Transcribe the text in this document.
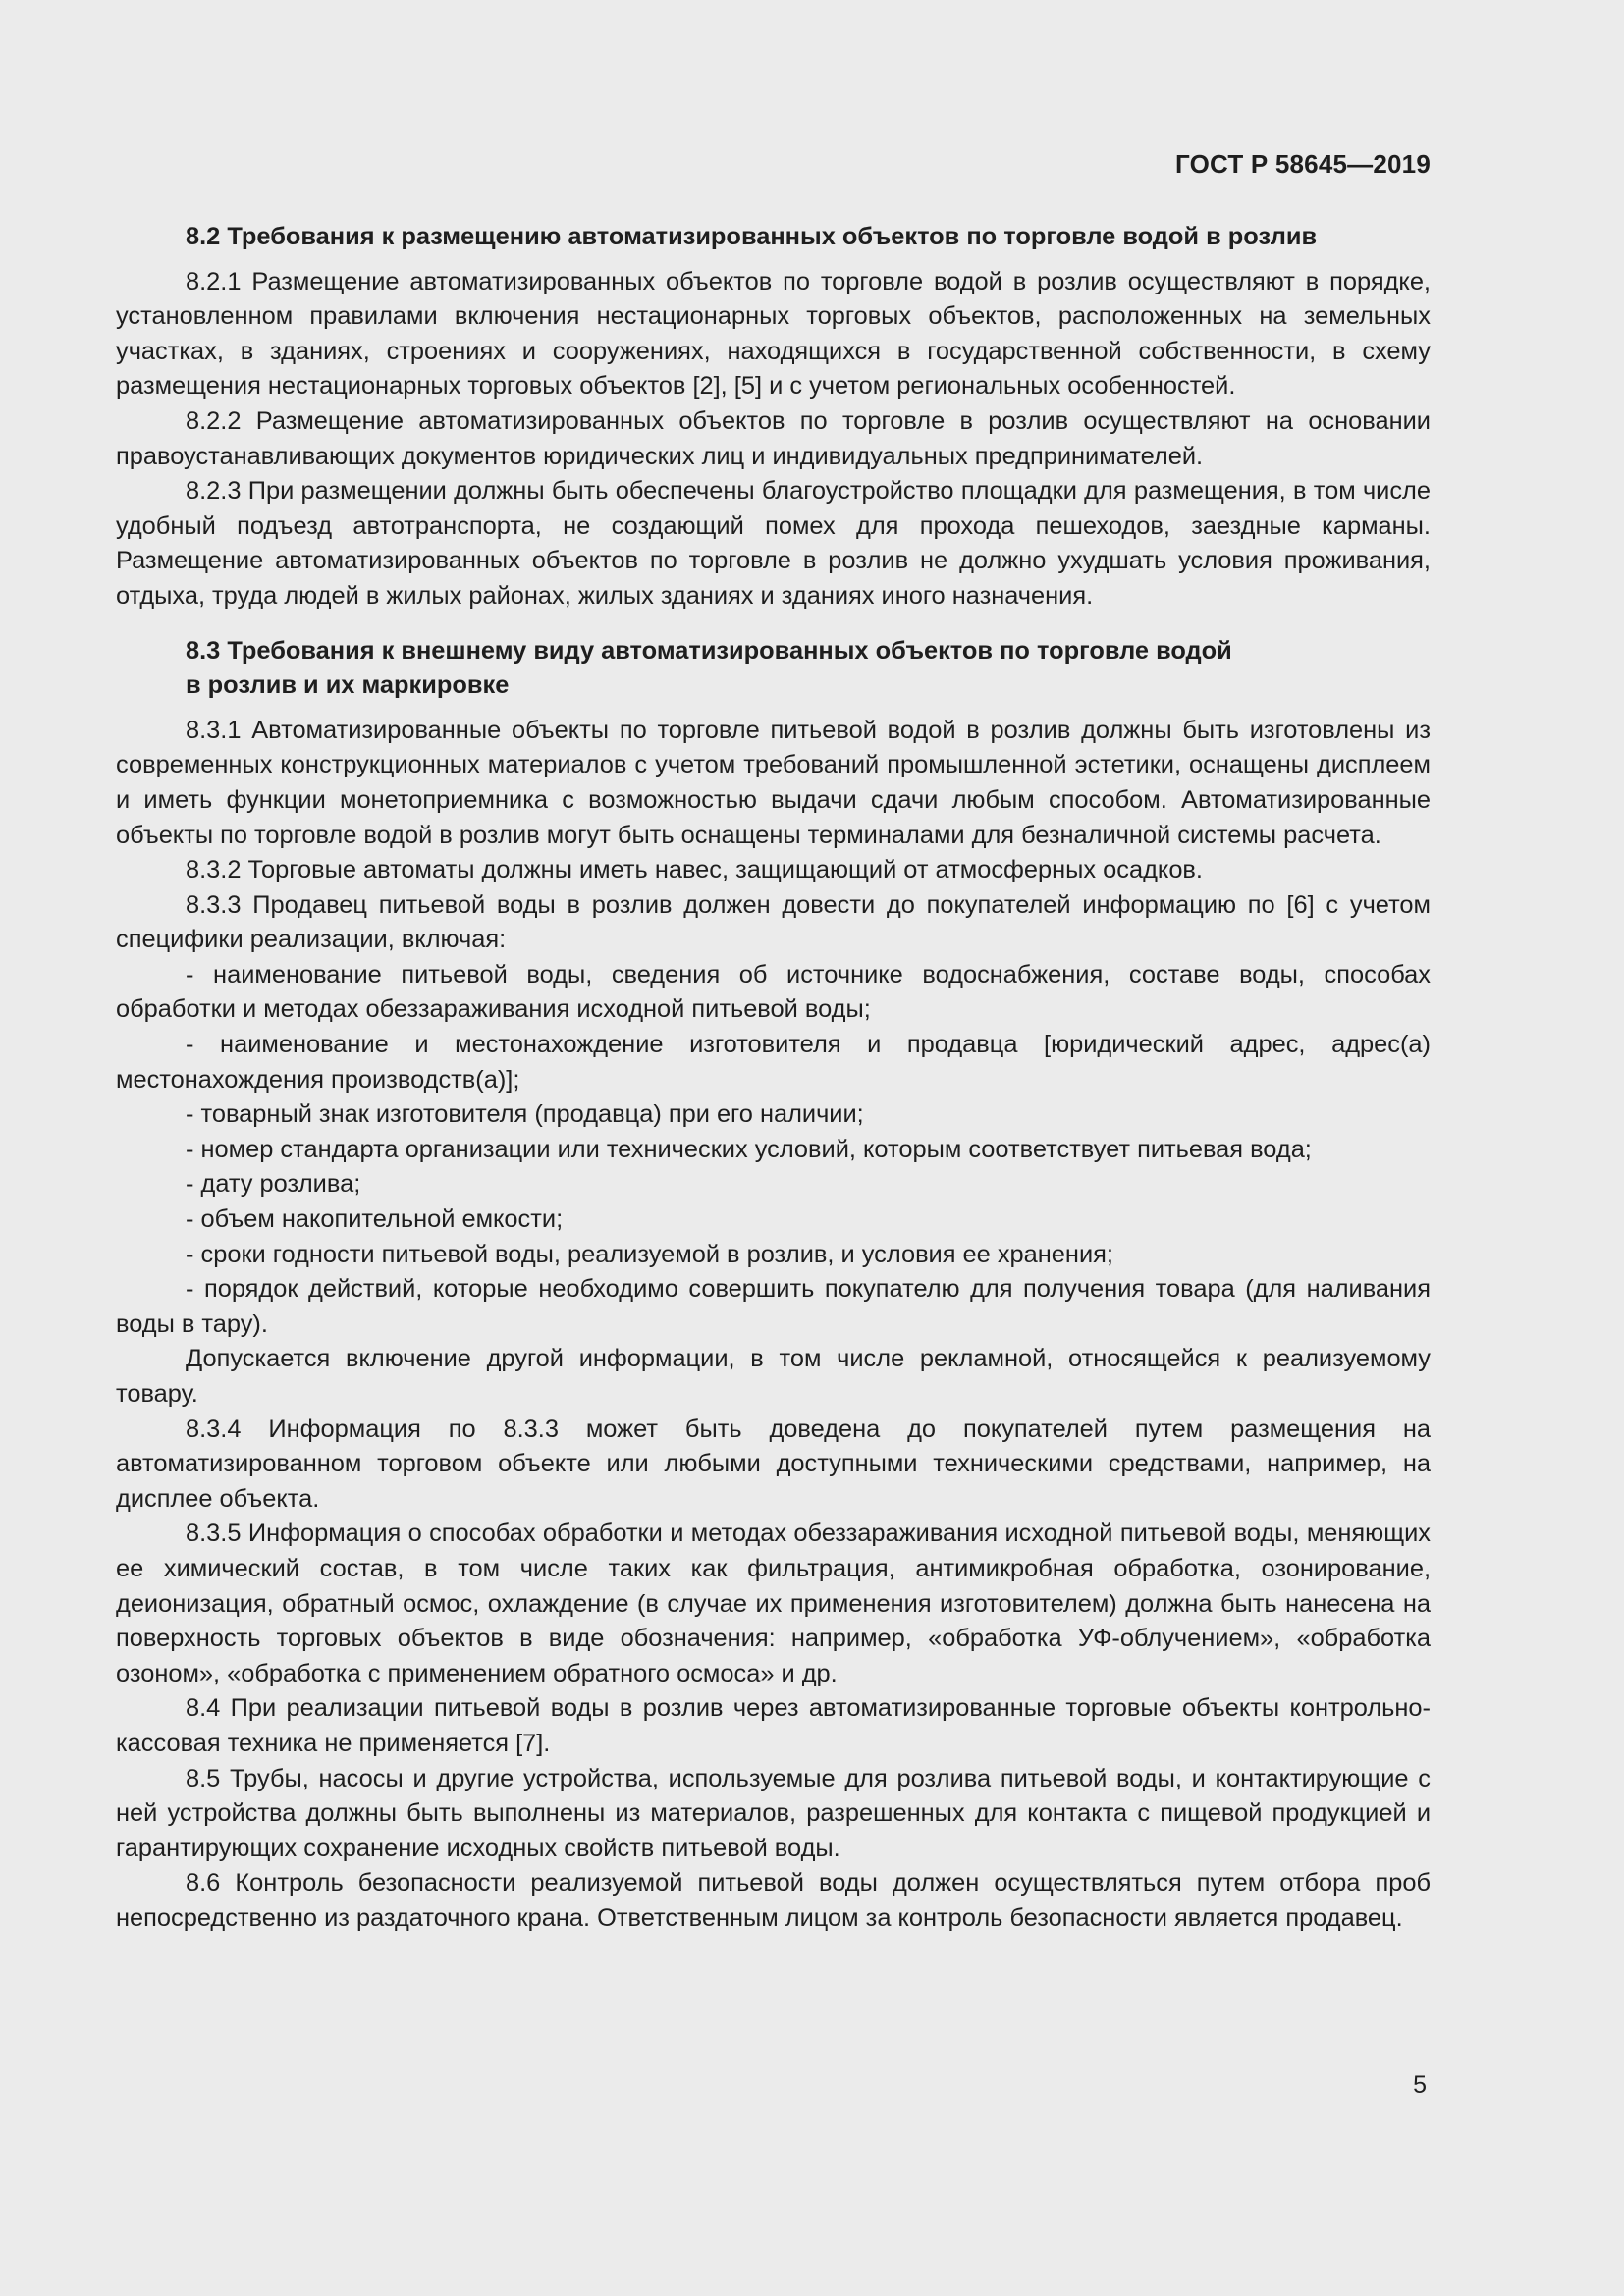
ГОСТ Р 58645—2019
8.2 Требования к размещению автоматизированных объектов по торговле водой в розлив

8.2.1 Размещение автоматизированных объектов по торговле водой в розлив осуществляют в порядке, установленном правилами включения нестационарных торговых объектов, расположенных на земельных участках, в зданиях, строениях и сооружениях, находящихся в государственной собственности, в схему размещения нестационарных торговых объектов [2], [5] и с учетом региональных особенностей.

8.2.2 Размещение автоматизированных объектов по торговле в розлив осуществляют на основании правоустанавливающих документов юридических лиц и индивидуальных предпринимателей.

8.2.3 При размещении должны быть обеспечены благоустройство площадки для размещения, в том числе удобный подъезд автотранспорта, не создающий помех для прохода пешеходов, заездные карманы. Размещение автоматизированных объектов по торговле в розлив не должно ухудшать условия проживания, отдыха, труда людей в жилых районах, жилых зданиях и зданиях иного назначения.

8.3 Требования к внешнему виду автоматизированных объектов по торговле водой
в розлив и их маркировке

8.3.1 Автоматизированные объекты по торговле питьевой водой в розлив должны быть изготовлены из современных конструкционных материалов с учетом требований промышленной эстетики, оснащены дисплеем и иметь функции монетоприемника с возможностью выдачи сдачи любым способом. Автоматизированные объекты по торговле водой в розлив могут быть оснащены терминалами для безналичной системы расчета.

8.3.2 Торговые автоматы должны иметь навес, защищающий от атмосферных осадков.

8.3.3 Продавец питьевой воды в розлив должен довести до покупателей информацию по [6] с учетом специфики реализации, включая:

- наименование питьевой воды, сведения об источнике водоснабжения, составе воды, способах обработки и методах обеззараживания исходной питьевой воды;

- наименование и местонахождение изготовителя и продавца [юридический адрес, адрес(а) местонахождения производств(а)];

- товарный знак изготовителя (продавца) при его наличии;

- номер стандарта организации или технических условий, которым соответствует питьевая вода;

- дату розлива;

- объем накопительной емкости;

- сроки годности питьевой воды, реализуемой в розлив, и условия ее хранения;

- порядок действий, которые необходимо совершить покупателю для получения товара (для наливания воды в тару).

Допускается включение другой информации, в том числе рекламной, относящейся к реализуемому товару.

8.3.4 Информация по 8.3.3 может быть доведена до покупателей путем размещения на автоматизированном торговом объекте или любыми доступными техническими средствами, например, на дисплее объекта.

8.3.5 Информация о способах обработки и методах обеззараживания исходной питьевой воды, меняющих ее химический состав, в том числе таких как фильтрация, антимикробная обработка, озонирование, деионизация, обратный осмос, охлаждение (в случае их применения изготовителем) должна быть нанесена на поверхность торговых объектов в виде обозначения: например, «обработка УФ-облучением», «обработка озоном», «обработка с применением обратного осмоса» и др.

8.4 При реализации питьевой воды в розлив через автоматизированные торговые объекты контрольно-кассовая техника не применяется [7].

8.5 Трубы, насосы и другие устройства, используемые для розлива питьевой воды, и контактирующие с ней устройства должны быть выполнены из материалов, разрешенных для контакта с пищевой продукцией и гарантирующих сохранение исходных свойств питьевой воды.

8.6 Контроль безопасности реализуемой питьевой воды должен осуществляться путем отбора проб непосредственно из раздаточного крана. Ответственным лицом за контроль безопасности является продавец.

5
